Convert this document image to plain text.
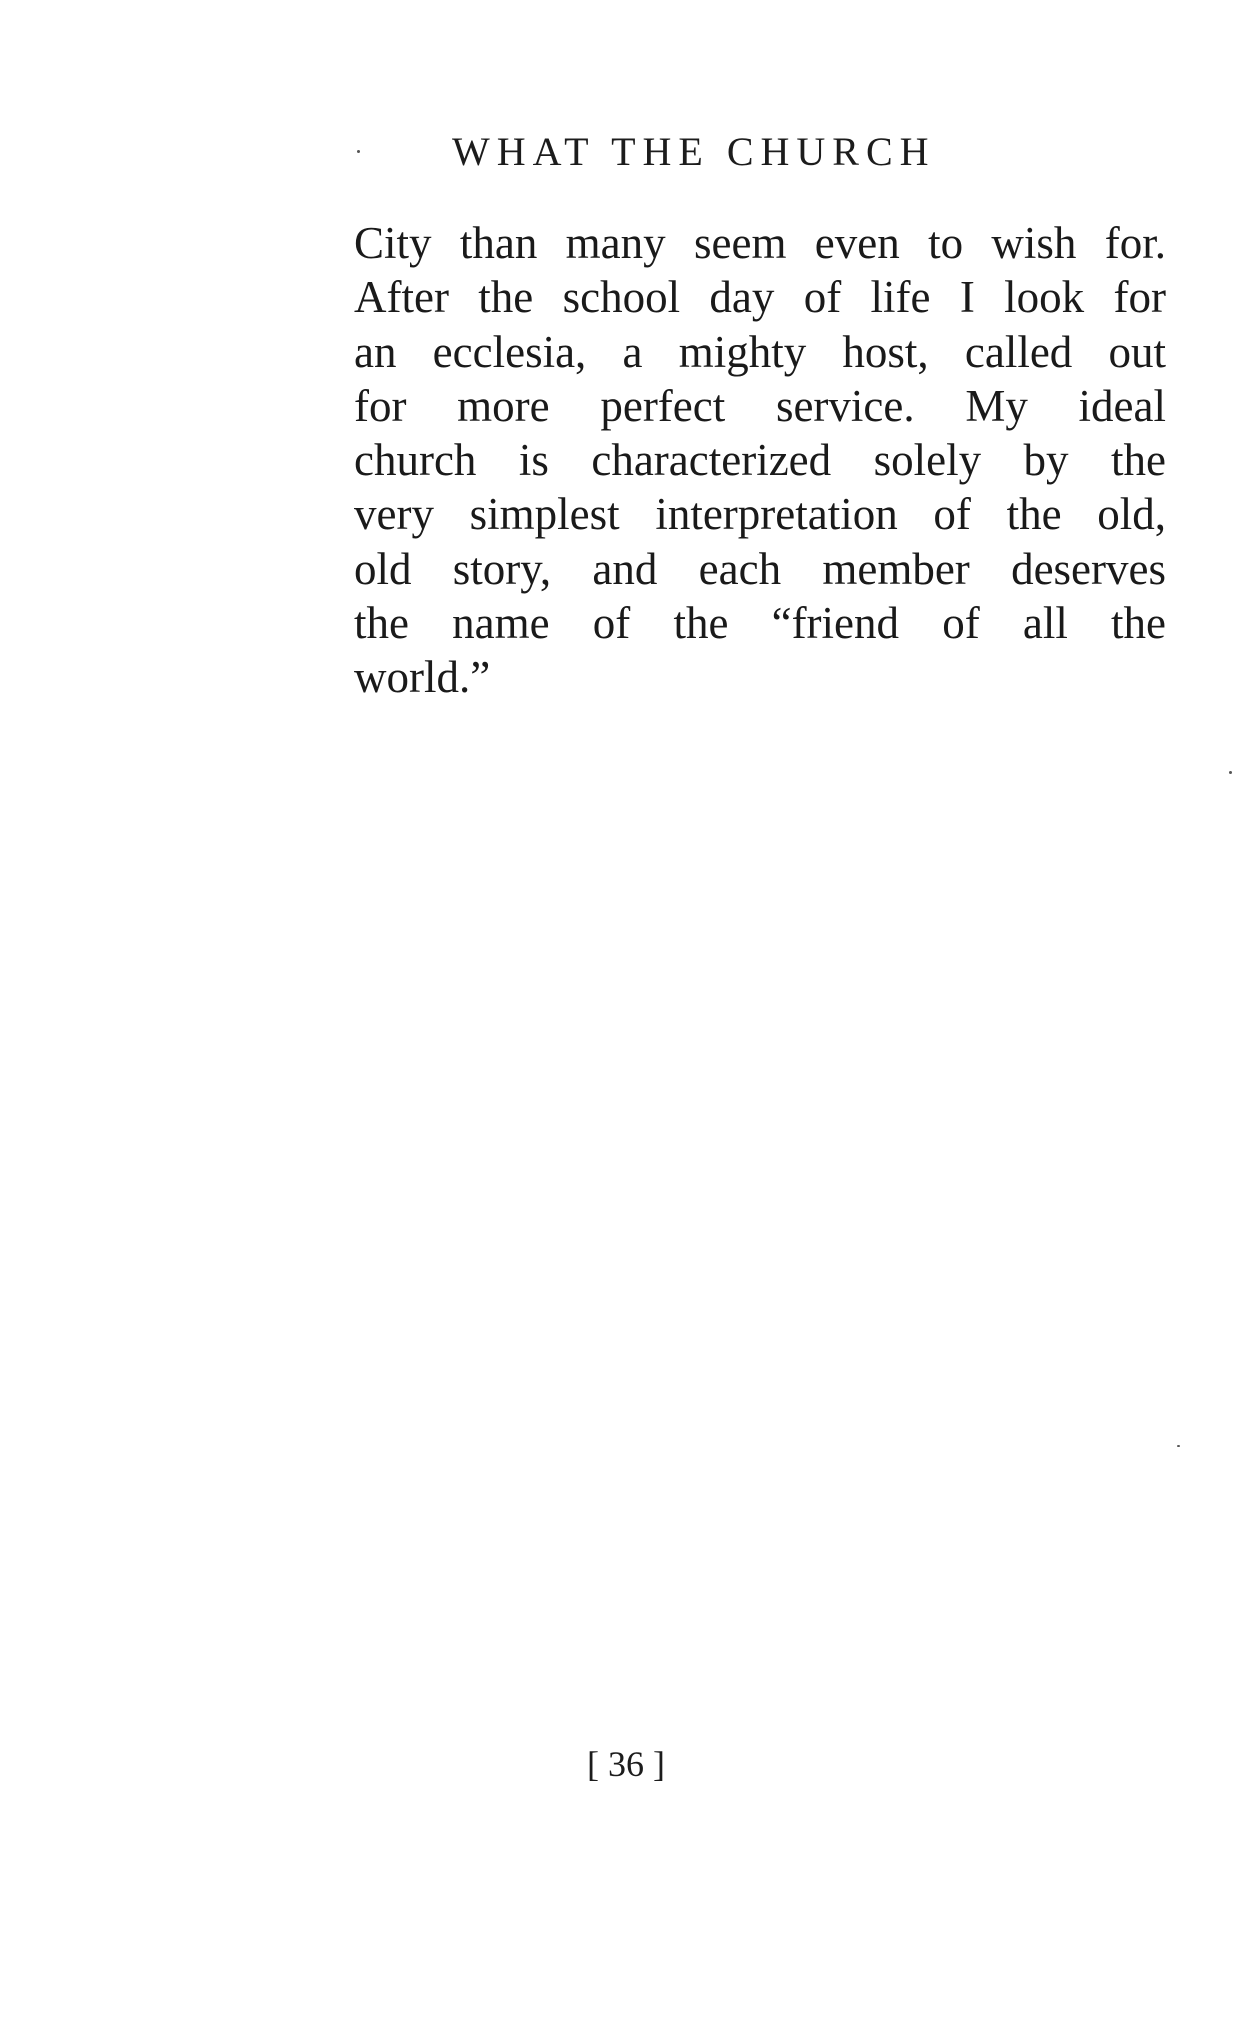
WHAT THE CHURCH
City than many seem even to wish for.
After the school day of life I look for
an ecclesia, a mighty host, called out
for more perfect service. My ideal
church is characterized solely by the
very simplest interpretation of the old,
old story, and each member deserves
the name of the “friend of all the
world.”
[ 36 ]
